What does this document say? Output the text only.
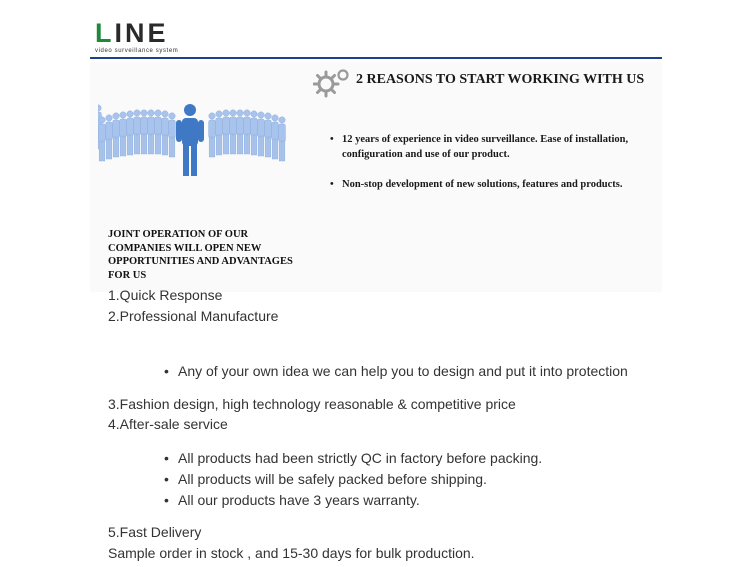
LINE
video surveillance system
2 REASONS TO START WORKING WITH US
• 12 years of experience in video surveillance. Ease of installation, configuration and use of our product.
• Non-stop development of new solutions, features and products.
JOINT OPERATION OF OUR COMPANIES WILL OPEN NEW OPPORTUNITIES AND ADVANTAGES FOR US
1.Quick Response
2.Professional Manufacture
• Any of your own idea we can help you to design and put it into protection
3.Fashion design, high technology reasonable & competitive price
4.After-sale service
• All products had been strictly QC in factory before packing.
• All products will be safely packed before shipping.
• All our products have 3 years warranty.
5.Fast Delivery
Sample order in stock , and 15-30 days for bulk production.
